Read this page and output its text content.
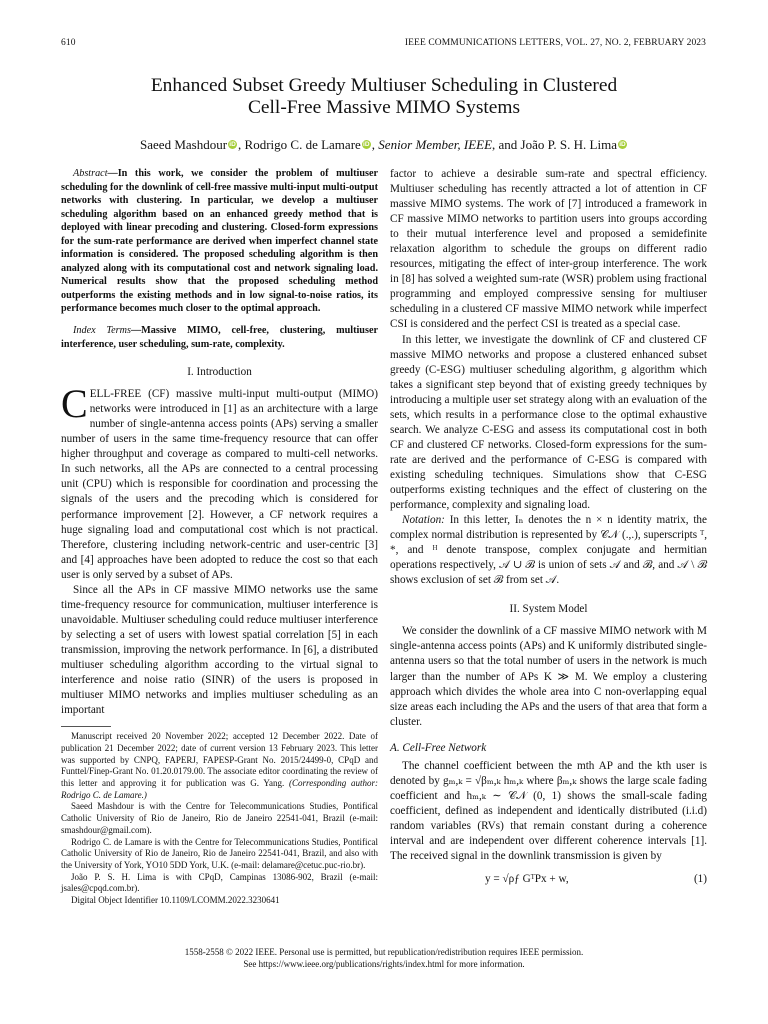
610	IEEE COMMUNICATIONS LETTERS, VOL. 27, NO. 2, FEBRUARY 2023
Enhanced Subset Greedy Multiuser Scheduling in Clustered
Cell-Free Massive MIMO Systems
Saeed Mashdour iD , Rodrigo C. de Lamare iD , Senior Member, IEEE, and João P. S. H. Lima iD

Abstract—In this work, we consider the problem of multiuser scheduling for the downlink of cell-free massive multi-input multi-output networks with clustering. In particular, we develop a multiuser scheduling algorithm based on an enhanced greedy method that is deployed with linear precoding and clustering. Closed-form expressions for the sum-rate performance are derived when imperfect channel state information is considered. The proposed scheduling algorithm is then analyzed along with its computational cost and network signaling load. Numerical results show that the proposed scheduling method outperforms the existing methods and in low signal-to-noise ratios, its performance becomes much closer to the optimal approach.

Index Terms—Massive MIMO, cell-free, clustering, multiuser interference, user scheduling, sum-rate, complexity.

I. Introduction

CELL-FREE (CF) massive multi-input multi-output (MIMO) networks were introduced in [1] as an architecture with a large number of single-antenna access points (APs) serving a smaller number of users in the same time-frequency resource that can offer higher throughput and coverage as compared to multi-cell networks. In such networks, all the APs are connected to a central processing unit (CPU) which is responsible for coordination and processing the signals of the users and the precoding which is considered for performance improvement [2]. However, a CF network requires a huge signaling load and computational cost which is not practical. Therefore, clustering including network-centric and user-centric [3] and [4] approaches have been adopted to reduce the cost so that each user is only served by a subset of APs.

Since all the APs in CF massive MIMO networks use the same time-frequency resource for communication, multiuser interference is unavoidable. Multiuser scheduling could reduce multiuser interference by selecting a set of users with lowest spatial correlation [5] in each transmission, improving the network performance. In [6], a distributed multiuser scheduling algorithm according to the virtual signal to interference and noise ratio (SINR) of the users is proposed in multiuser MIMO networks and implies multiuser scheduling as an important

Manuscript received 20 November 2022; accepted 12 December 2022. Date of publication 21 December 2022; date of current version 13 February 2023. This letter was supported by CNPQ, FAPERJ, FAPESP-Grant No. 2015/24499-0, CPqD and Funttel/Finep-Grant No. 01.20.0179.00. The associate editor coordinating the review of this letter and approving it for publication was G. Yang. (Corresponding author: Rodrigo C. de Lamare.)

Saeed Mashdour is with the Centre for Telecommunications Studies, Pontifical Catholic University of Rio de Janeiro, Rio de Janeiro 22541-041, Brazil (e-mail: smashdour@gmail.com).

Rodrigo C. de Lamare is with the Centre for Telecommunications Studies, Pontifical Catholic University of Rio de Janeiro, Rio de Janeiro 22541-041, Brazil, and also with the University of York, YO10 5DD York, U.K. (e-mail: delamare@cetuc.puc-rio.br).

João P. S. H. Lima is with CPqD, Campinas 13086-902, Brazil (e-mail: jsales@cpqd.com.br).

Digital Object Identifier 10.1109/LCOMM.2022.3230641

factor to achieve a desirable sum-rate and spectral efficiency. Multiuser scheduling has recently attracted a lot of attention in CF massive MIMO systems. The work of [7] introduced a framework in CF massive MIMO networks to partition users into groups according to their mutual interference level and proposed a semidefinite relaxation algorithm to schedule the groups on different radio resources, mitigating the effect of inter-group interference. The work in [8] has solved a weighted sum-rate (WSR) problem using fractional programming and employed compressive sensing for multiuser scheduling in a clustered CF massive MIMO network while imperfect CSI is considered and the perfect CSI is treated as a special case.

In this letter, we investigate the downlink of CF and clustered CF massive MIMO networks and propose a clustered enhanced subset greedy (C-ESG) multiuser scheduling algorithm, g algorithm which takes a significant step beyond that of existing greedy techniques by introducing a multiple user set strategy along with an evaluation of the sets, which results in a performance close to the optimal exhaustive search. We analyze C-ESG and assess its computational cost in both CF and clustered CF networks. Closed-form expressions for the sum-rate are derived and the performance of C-ESG is compared with existing scheduling techniques. Simulations show that C-ESG outperforms existing techniques and the effect of clustering on the performance, complexity and signaling load.

Notation: In this letter, Iₙ denotes the n × n identity matrix, the complex normal distribution is represented by 𝒞𝒩 (.,.), superscripts ᵀ, *, and ᴴ denote transpose, complex conjugate and hermitian operations respectively, 𝒜 ∪ ℬ is union of sets 𝒜 and ℬ, and 𝒜 \ ℬ shows exclusion of set ℬ from set 𝒜.

II. System Model

We consider the downlink of a CF massive MIMO network with M single-antenna access points (APs) and K uniformly distributed single-antenna users so that the total number of users in the network is much larger than the number of APs K ≫ M. We employ a clustering approach which divides the whole area into C non-overlapping equal size areas each including the APs and the users of that area that form a cluster.

A. Cell-Free Network

The channel coefficient between the mth AP and the kth user is denoted by gₘ,ₖ = √βₘ,ₖ hₘ,ₖ where βₘ,ₖ shows the large scale fading coefficient and hₘ,ₖ ∼ 𝒞𝒩 (0, 1) shows the small-scale fading coefficient, defined as independent and identically distributed (i.i.d) random variables (RVs) that remain constant during a coherence interval and are independent over different coherence intervals [1]. The received signal in the downlink transmission is given by

y = √ρƒ GᵀPx + w,	(1)
1558-2558 © 2022 IEEE. Personal use is permitted, but republication/redistribution requires IEEE permission.
See https://www.ieee.org/publications/rights/index.html for more information.
